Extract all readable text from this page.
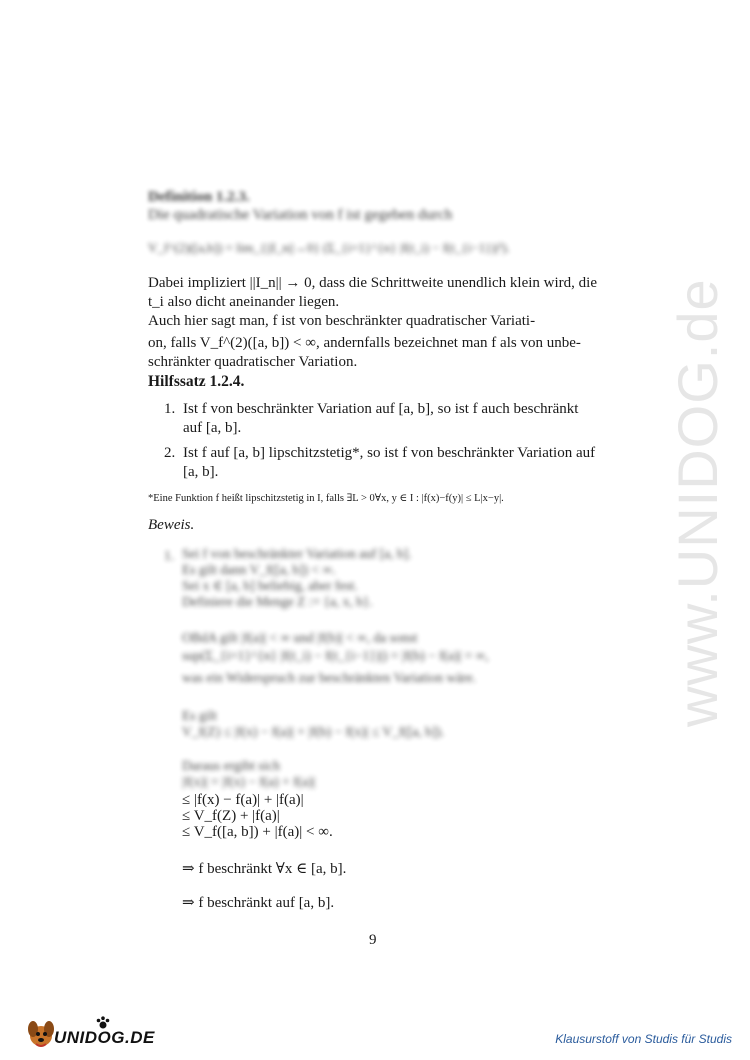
www.UNIDOG.de
Definition 1.2.3.
Die quadratische Variation von f ist gegeben durch
V_f^(2)([a,b]) = lim_{||I_n||→0} (Σ_{i=1}^{n} |f(t_i) − f(t_{i−1})|²).
Dabei impliziert ||I_n|| → 0, dass die Schrittweite unendlich klein wird, die
t_i also dicht aneinander liegen.
Auch hier sagt man, f ist von beschränkter quadratischer Variati-
on, falls V_f^(2)([a, b]) < ∞, andernfalls bezeichnet man f als von unbe-
schränkter quadratischer Variation.
Hilfssatz 1.2.4.
1. Ist f von beschränkter Variation auf [a, b], so ist f auch beschränkt
auf [a, b].
2. Ist f auf [a, b] lipschitzstetig*, so ist f von beschränkter Variation auf
[a, b].
*Eine Funktion f heißt lipschitzstetig in I, falls ∃L > 0∀x, y ∈ I : |f(x)−f(y)| ≤ L|x−y|.
Beweis.
1. Sei f von beschränkter Variation auf [a, b].
Es gilt dann V_f([a, b]) < ∞.
Sei x ∈ [a, b] beliebig, aber fest.
Definiere die Menge Z := {a, x, b}.
OBdA gilt |f(a)| < ∞ und |f(b)| < ∞, da sonst
sup(Σ_{i=1}^{n} |f(t_i) − f(t_{i−1})|) = |f(b) − f(a)| = ∞,
was ein Widerspruch zur beschränkten Variation wäre.
Es gilt
V_f(Z) ≤ |f(x) − f(a)| + |f(b) − f(x)| ≤ V_f([a, b]).
Daraus ergibt sich
|f(x)| = |f(x) − f(a) + f(a)|
≤ |f(x) − f(a)| + |f(a)|
≤ V_f(Z) + |f(a)|
≤ V_f([a, b]) + |f(a)| < ∞.
⇒ f beschränkt ∀x ∈ [a, b].
⇒ f beschränkt auf [a, b].
9
UNIDOG.DE	Klausurstoff von Studis für Studis
